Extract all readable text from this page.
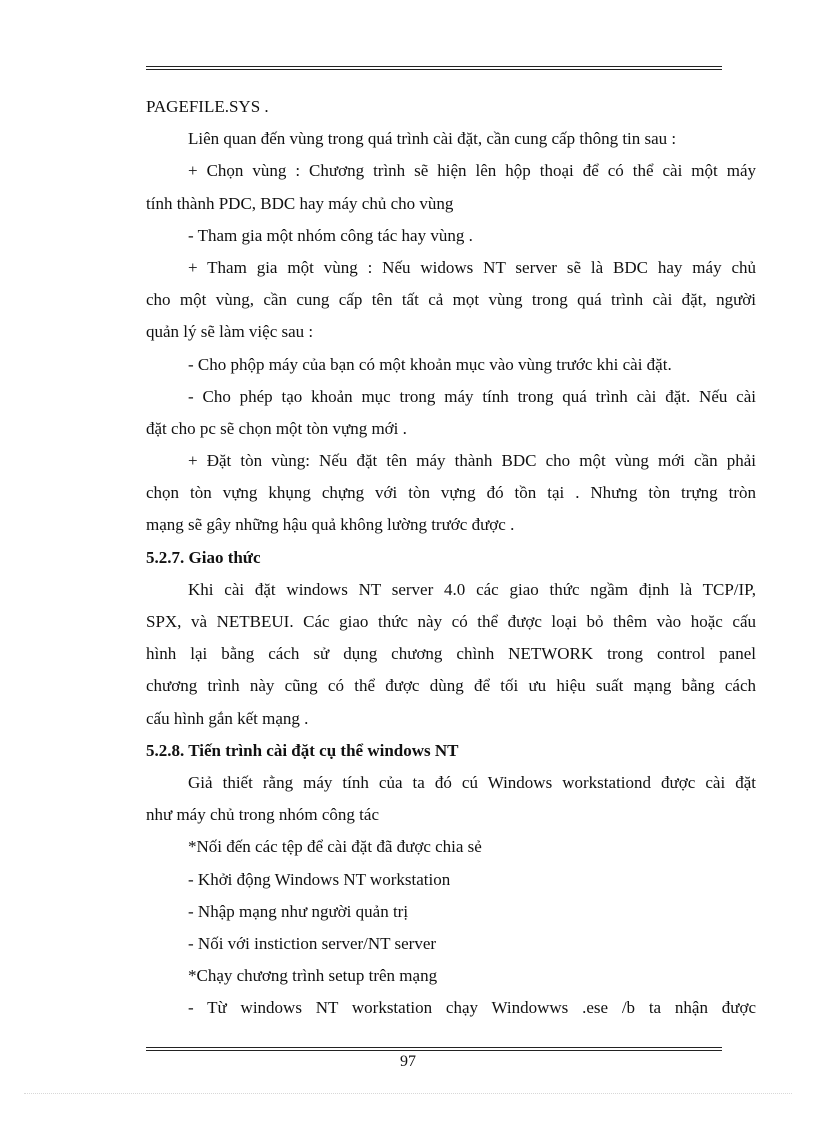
PAGEFILE.SYS .
Liên quan đến vùng trong quá trình cài đặt, cần cung cấp thông tin sau :
+ Chọn vùng : Chương trình sẽ hiện lên hộp thoại để có thể cài một máy
tính thành PDC, BDC hay máy chủ cho vùng
- Tham gia một nhóm công tác hay vùng .
+ Tham gia một vùng : Nếu widows NT server sẽ là BDC hay máy chủ
cho một vùng, cần cung cấp tên tất cả mọt vùng trong quá trình cài đặt, người
quản lý sẽ làm việc sau :
- Cho phộp máy của bạn có một khoản mục vào vùng trước khi cài đặt.
- Cho phép tạo khoản mục trong máy tính trong quá trình cài đặt. Nếu cài
đặt cho pc sẽ chọn một tòn vựng mới .
+ Đặt tòn vùng: Nếu đặt tên máy thành BDC cho một vùng mới cần phải
chọn tòn vựng khụng chựng với tòn vựng đó tồn tại . Nhưng tòn trựng tròn
mạng sẽ gây những hậu quả không lường trước được .
5.2.7. Giao thức
Khi cài đặt windows NT server 4.0 các giao thức ngầm định là TCP/IP,
SPX, và NETBEUI. Các giao thức này có thể được loại bỏ thêm vào hoặc cấu
hình lại bằng cách sử dụng chương chình NETWORK trong control panel
chương trình này cũng có thể được dùng để tối ưu hiệu suất mạng bằng cách
cấu hình gắn kết mạng .
5.2.8. Tiến trình cài đặt cụ thể windows NT
Giả thiết rằng máy tính của ta đó cú Windows workstationd được cài đặt
như máy chủ trong nhóm công tác
*Nối đến các tệp để cài đặt đã được chia sẻ
- Khởi động Windows NT workstation
- Nhập mạng như người quản trị
- Nối với instiction server/NT server
*Chạy chương trình setup trên mạng
- Từ windows NT workstation chạy Windowws .ese /b ta nhận được
97
